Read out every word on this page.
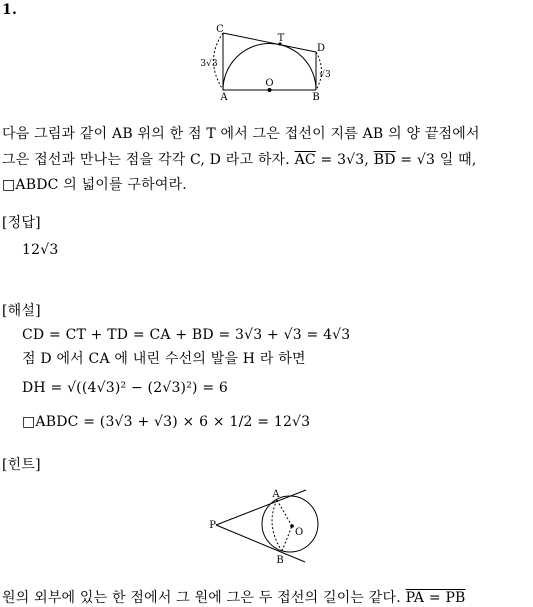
1.
C
T
D
A
O
B
3√3
√3
다음 그림과 같이 AB 위의 한 점 T 에서 그은 접선이 지름 AB 의 양 끝점에서
그은 접선과 만나는 점을 각각 C, D 라고 하자. $\overline{AC} = 3√3$, $\overline{BD} = √3$ 일 때,
□ABDC 의 넓이를 구하여라.
[정답]
12√3
[해설]
CD = CT + TD = CA + BD = 3√3 + √3 = 4√3
점 D 에서 CA 에 내린 수선의 발을 H 라 하면
DH = √((4√3)² − (2√3)²) = 6
□ABDC = (3√3 + √3) × 6 × 1/2 = 12√3
[힌트]
A
P
O
B
원의 외부에 있는 한 점에서 그 원에 그은 두 접선의 길이는 같다. PA = PB
